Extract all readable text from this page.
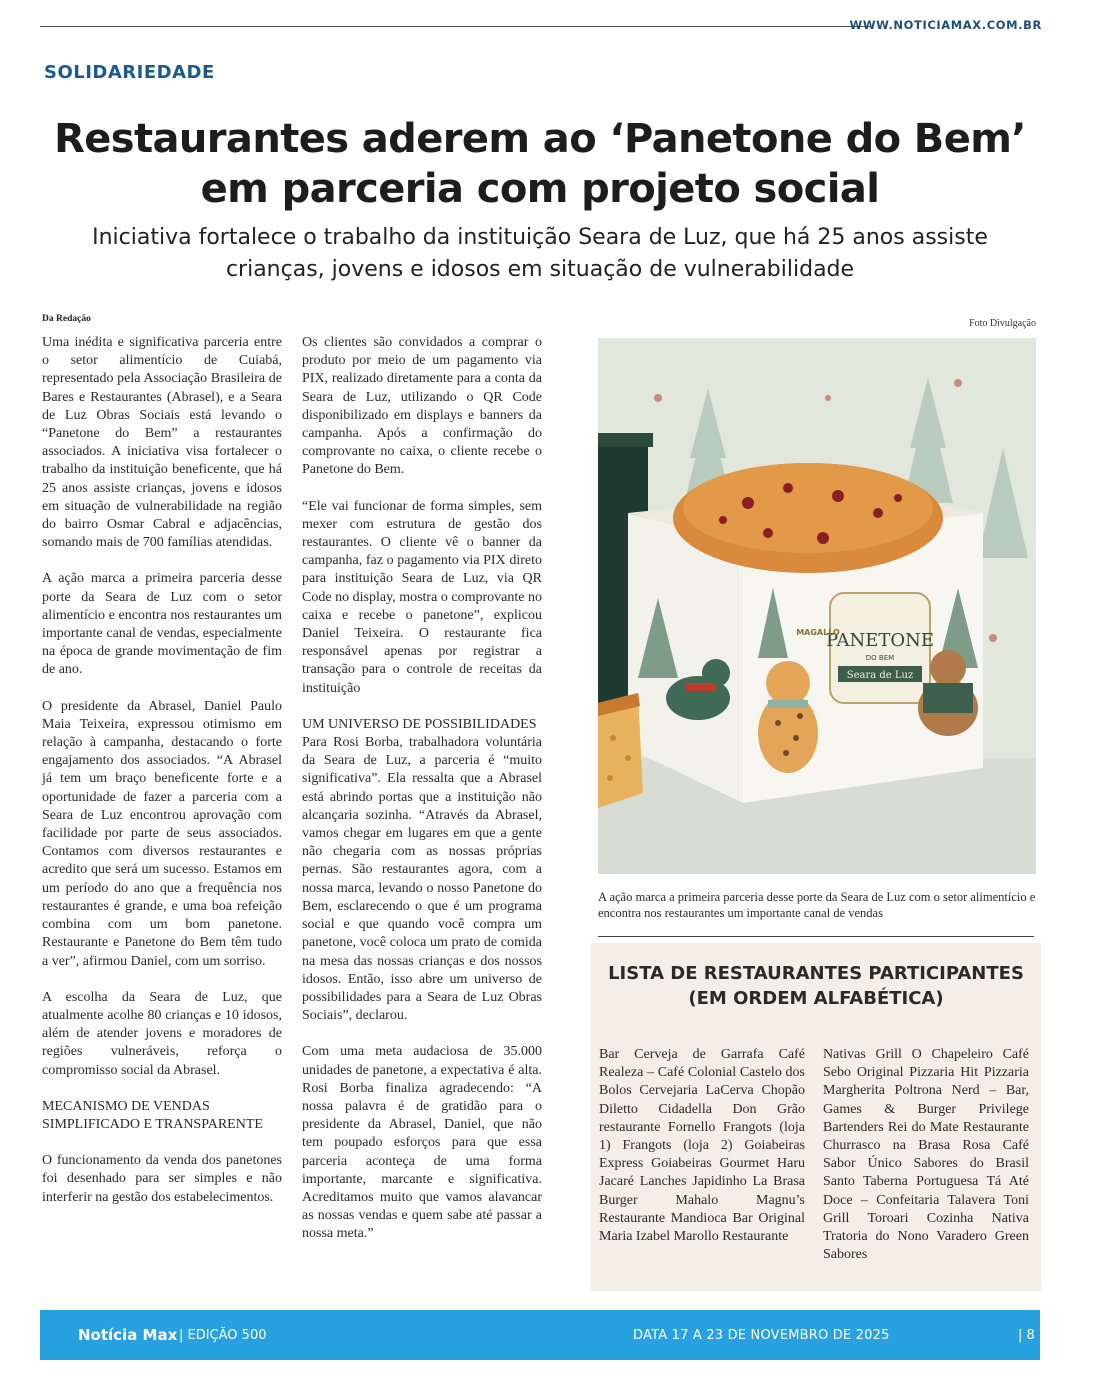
WWW.NOTICIAMAX.COM.BR
SOLIDARIEDADE
Restaurantes aderem ao ‘Panetone do Bem’
em parceria com projeto social
Iniciativa fortalece o trabalho da instituição Seara de Luz, que há 25 anos assiste
crianças, jovens e idosos em situação de vulnerabilidade
Da Redação	Foto Divulgação

Uma inédita e significativa parceria entre o setor alimentício de Cuiabá, representado pela Associação Brasileira de Bares e Restaurantes (Abrasel), e a Seara de Luz Obras Sociais está levando o “Panetone do Bem” a restaurantes associados. A iniciativa visa fortalecer o trabalho da instituição beneficente, que há 25 anos assiste crianças, jovens e idosos em situação de vulnerabilidade na região do bairro Osmar Cabral e adjacências, somando mais de 700 famílias atendidas.

A ação marca a primeira parceria desse porte da Seara de Luz com o setor alimentício e encontra nos restaurantes um importante canal de vendas, especialmente na época de grande movimentação de fim de ano.

O presidente da Abrasel, Daniel Paulo Maia Teixeira, expressou otimismo em relação à campanha, destacando o forte engajamento dos associados. “A Abrasel já tem um braço beneficente forte e a oportunidade de fazer a parceria com a Seara de Luz encontrou aprovação com facilidade por parte de seus associados. Contamos com diversos restaurantes e acredito que será um sucesso. Estamos em um período do ano que a frequência nos restaurantes é grande, e uma boa refeição combina com um bom panetone. Restaurante e Panetone do Bem têm tudo a ver”, afirmou Daniel, com um sorriso.

A escolha da Seara de Luz, que atualmente acolhe 80 crianças e 10 idosos, além de atender jovens e moradores de regiões vulneráveis, reforça o compromisso social da Abrasel.

MECANISMO DE VENDAS SIMPLIFICADO E TRANSPARENTE

O funcionamento da venda dos panetones foi desenhado para ser simples e não interferir na gestão dos estabelecimentos.

Os clientes são convidados a comprar o produto por meio de um pagamento via PIX, realizado diretamente para a conta da Seara de Luz, utilizando o QR Code disponibilizado em displays e banners da campanha. Após a confirmação do comprovante no caixa, o cliente recebe o Panetone do Bem.

“Ele vai funcionar de forma simples, sem mexer com estrutura de gestão dos restaurantes. O cliente vê o banner da campanha, faz o pagamento via PIX direto para instituição Seara de Luz, via QR Code no display, mostra o comprovante no caixa e recebe o panetone”, explicou Daniel Teixeira. O restaurante fica responsável apenas por registrar a transação para o controle de receitas da instituição

UM UNIVERSO DE POSSIBILIDADES

Para Rosi Borba, trabalhadora voluntária da Seara de Luz, a parceria é “muito significativa”. Ela ressalta que a Abrasel está abrindo portas que a instituição não alcançaria sozinha. “Através da Abrasel, vamos chegar em lugares em que a gente não chegaria com as nossas próprias pernas. São restaurantes agora, com a nossa marca, levando o nosso Panetone do Bem, esclarecendo o que é um programa social e que quando você compra um panetone, você coloca um prato de comida na mesa das nossas crianças e dos nossos idosos. Então, isso abre um universo de possibilidades para a Seara de Luz Obras Sociais”, declarou.

Com uma meta audaciosa de 35.000 unidades de panetone, a expectativa é alta. Rosi Borba finaliza agradecendo: “A nossa palavra é de gratidão para o presidente da Abrasel, Daniel, que não tem poupado esforços para que essa parceria aconteça de uma forma importante, marcante e significativa. Acreditamos muito que vamos alavancar as nossas vendas e quem sabe até passar a nossa meta.”

PANETONE
DO BEM
Seara de Luz
MAGALLO
A ação marca a primeira parceria desse porte da Seara de Luz com o setor alimentício e encontra nos restaurantes um importante canal de vendas
LISTA DE RESTAURANTES PARTICIPANTES
(EM ORDEM ALFABÉTICA)
Bar Cerveja de Garrafa Café Realeza – Café Colonial Castelo dos Bolos Cervejaria LaCerva Chopão Diletto Cidadella Don Grão restaurante Fornello Frangots (loja 1) Frangots (loja 2) Goiabeiras Express Goiabeiras Gourmet Haru Jacaré Lanches Japidinho La Brasa Burger Mahalo Magnu’s Restaurante Mandioca Bar Original Maria Izabel Marollo Restaurante
Nativas Grill O Chapeleiro Café Sebo Original Pizzaria Hit Pizzaria Margherita Poltrona Nerd – Bar, Games & Burger Privilege Bartenders Rei do Mate Restaurante Churrasco na Brasa Rosa Café Sabor Único Sabores do Brasil Santo Taberna Portuguesa Tá Até Doce – Confeitaria Talavera Toni Grill Toroari Cozinha Nativa Tratoria do Nono Varadero Green Sabores
Notícia Max | EDIÇÃO 500	DATA 17 A 23 DE NOVEMBRO DE 2025	| 8
